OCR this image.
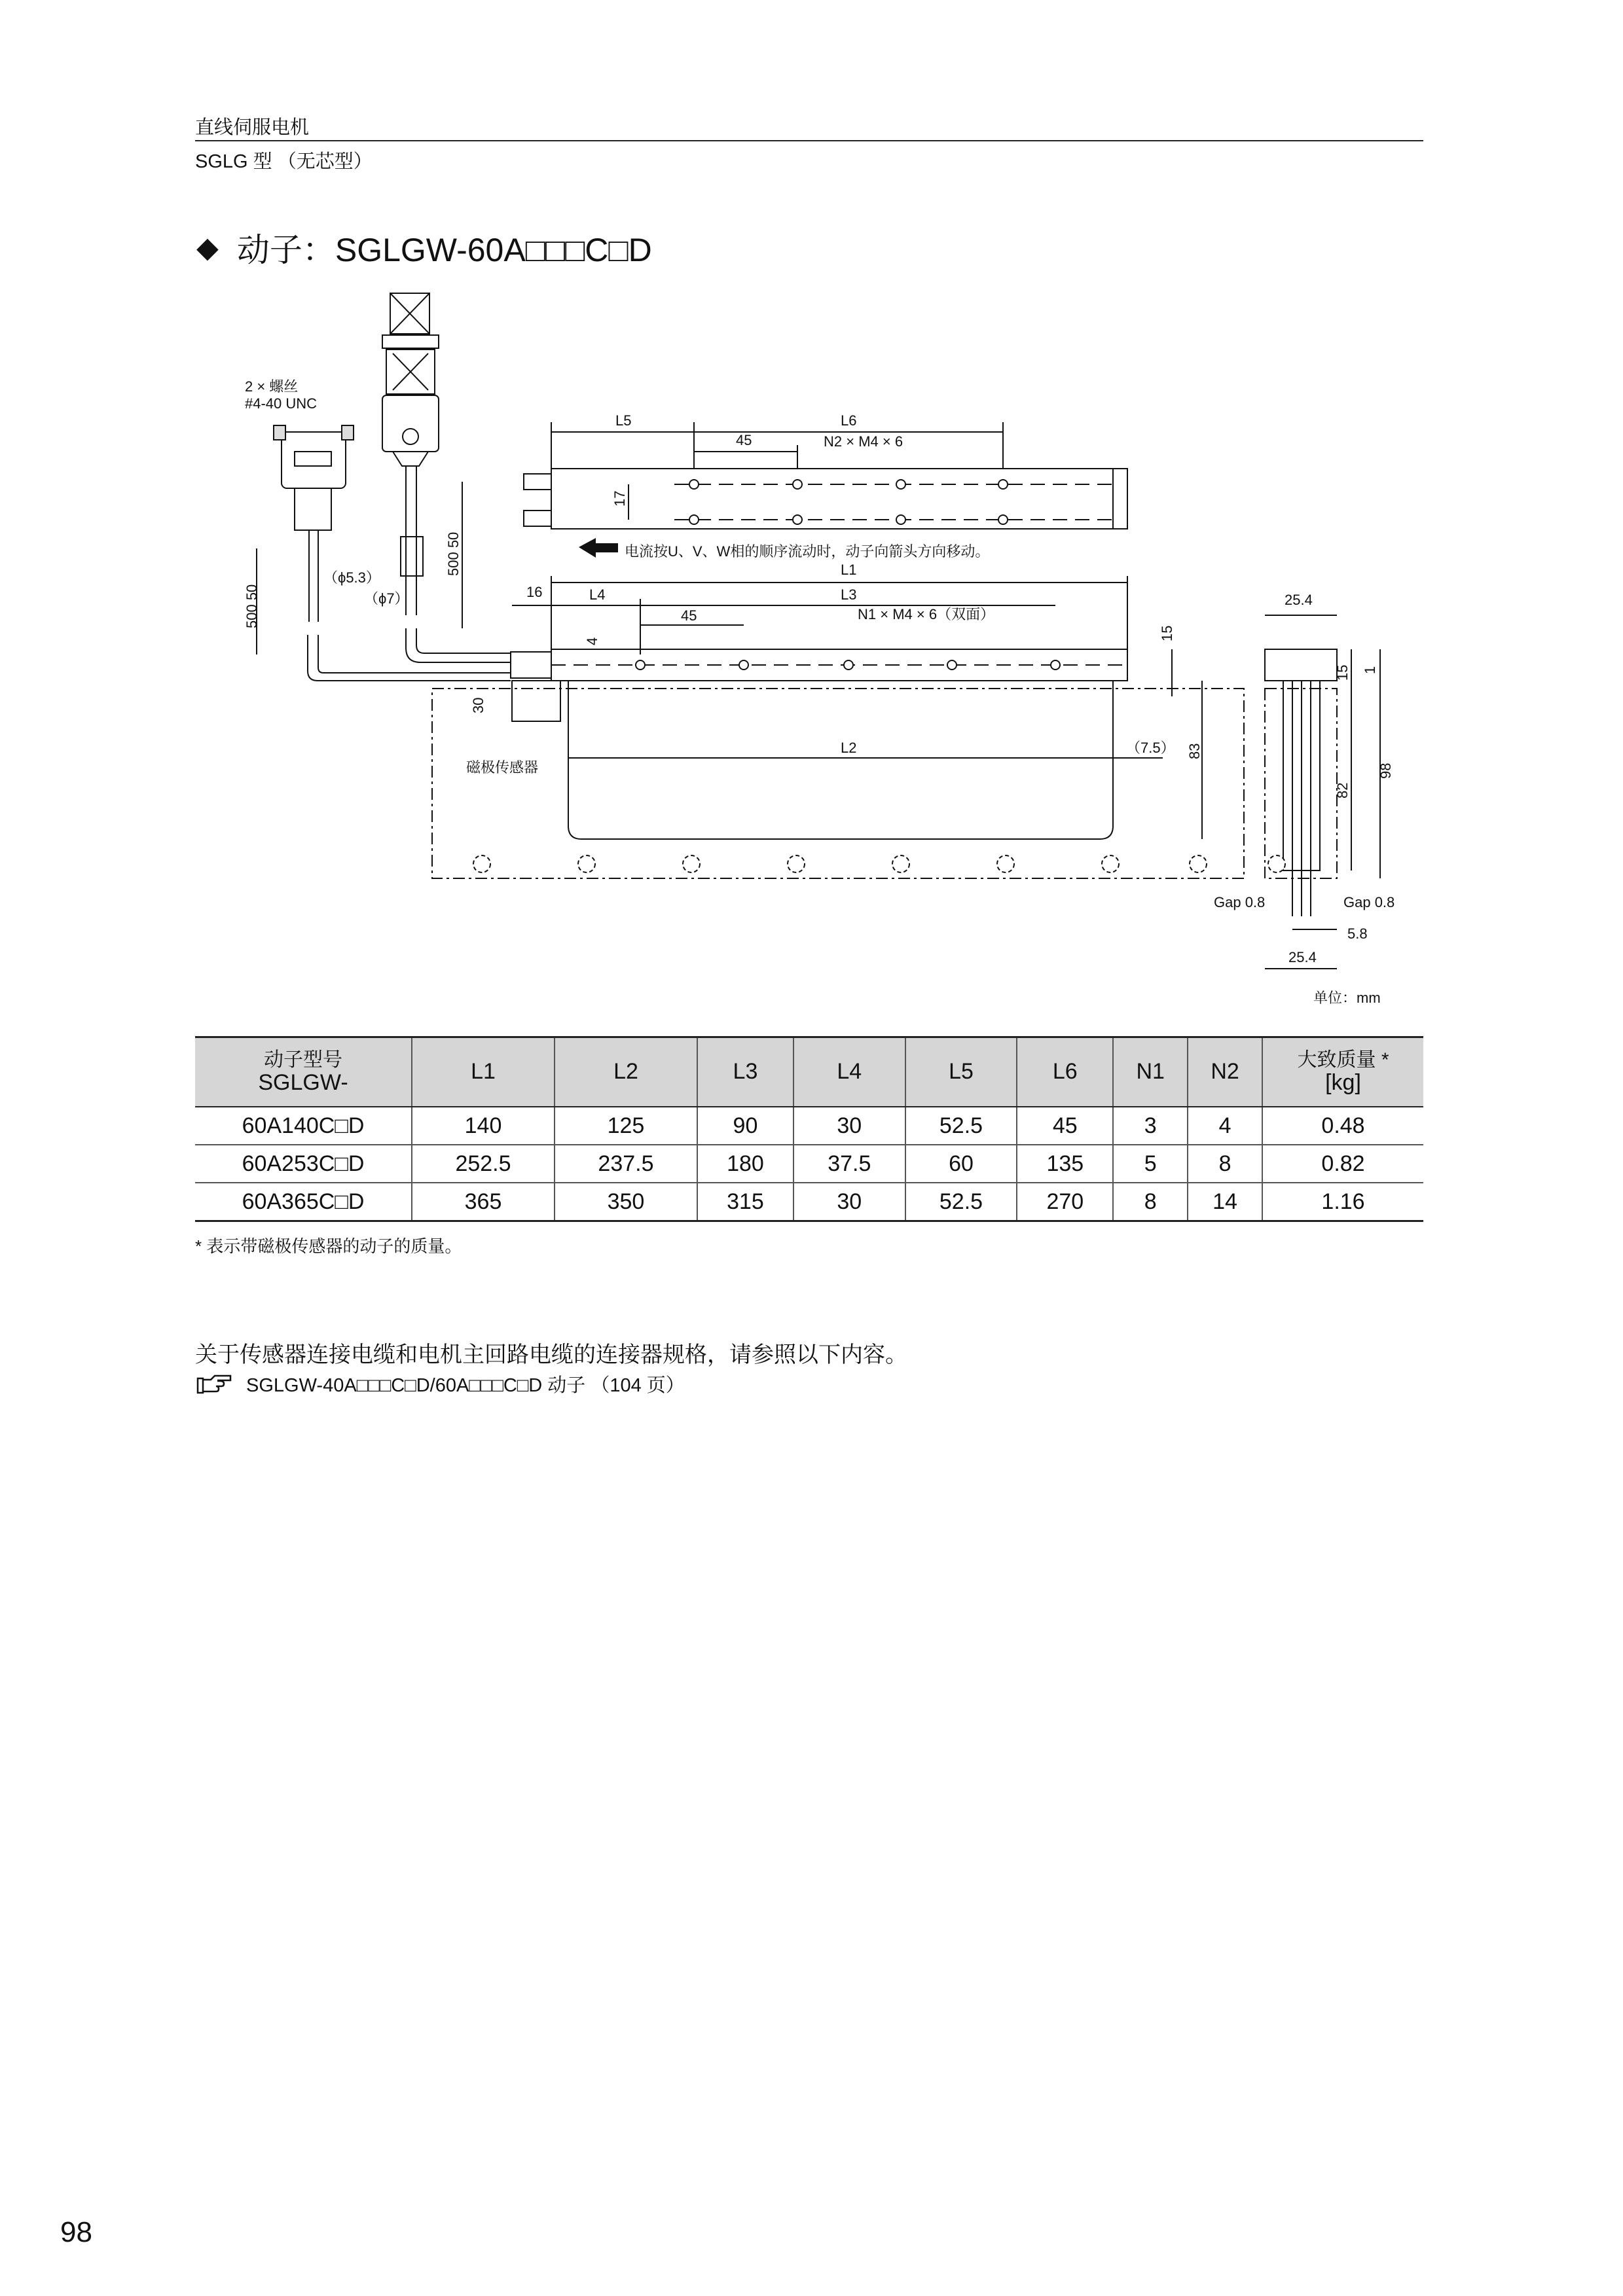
直线伺服电机
SGLG 型 （无芯型）
◆ 动子：SGLGW-60A□□□C□D
2 × 螺丝
#4-40 UNC
L5	L6
45	N2 × M4 × 6
17
500 50
500 50
（ϕ5.3）
（ϕ7）
电流按U、V、W相的顺序流动时，动子向箭头方向移动。
L1
16	L4	L3
45	N1 × M4 × 6（双面）
4	15
30
磁极传感器
L2	（7.5） 83
25.4
15 1
82
98
Gap 0.8	Gap 0.8
5.8
25.4
单位：mm
动子型号
SGLGW-	L1	L2	L3	L4	L5	L6	N1	N2	大致质量 *
[kg]
60A140C□D	140	125	90	30	52.5	45	3	4	0.48
60A253C□D	252.5	237.5	180	37.5	60	135	5	8	0.82
60A365C□D	365	350	315	30	52.5	270	8	14	1.16
* 表示带磁极传感器的动子的质量。
关于传感器连接电缆和电机主回路电缆的连接器规格，请参照以下内容。
SGLGW-40A□□□C□D/60A□□□C□D 动子 （104 页）
98
